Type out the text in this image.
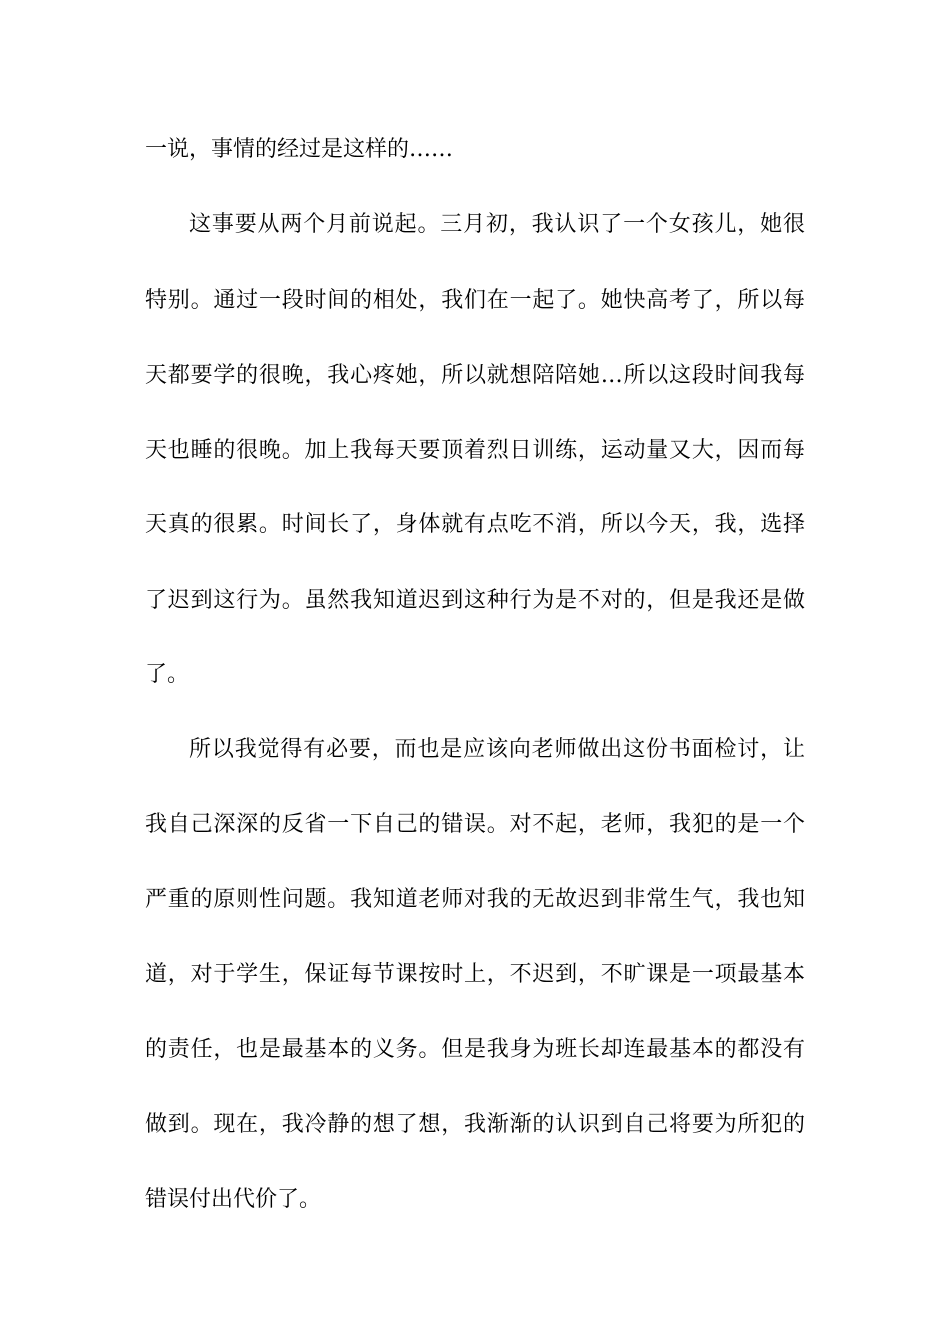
一说，事情的经过是这样的……
这事要从两个月前说起。三月初，我认识了一个女孩儿，她很
特别。通过一段时间的相处，我们在一起了。她快高考了，所以每
天都要学的很晚，我心疼她，所以就想陪陪她…所以这段时间我每
天也睡的很晚。加上我每天要顶着烈日训练，运动量又大，因而每
天真的很累。时间长了，身体就有点吃不消，所以今天，我，选择
了迟到这行为。虽然我知道迟到这种行为是不对的，但是我还是做
了。
所以我觉得有必要，而也是应该向老师做出这份书面检讨，让
我自己深深的反省一下自己的错误。对不起，老师，我犯的是一个
严重的原则性问题。我知道老师对我的无故迟到非常生气，我也知
道，对于学生，保证每节课按时上，不迟到，不旷课是一项最基本
的责任，也是最基本的义务。但是我身为班长却连最基本的都没有
做到。现在，我冷静的想了想，我渐渐的认识到自己将要为所犯的
错误付出代价了。
